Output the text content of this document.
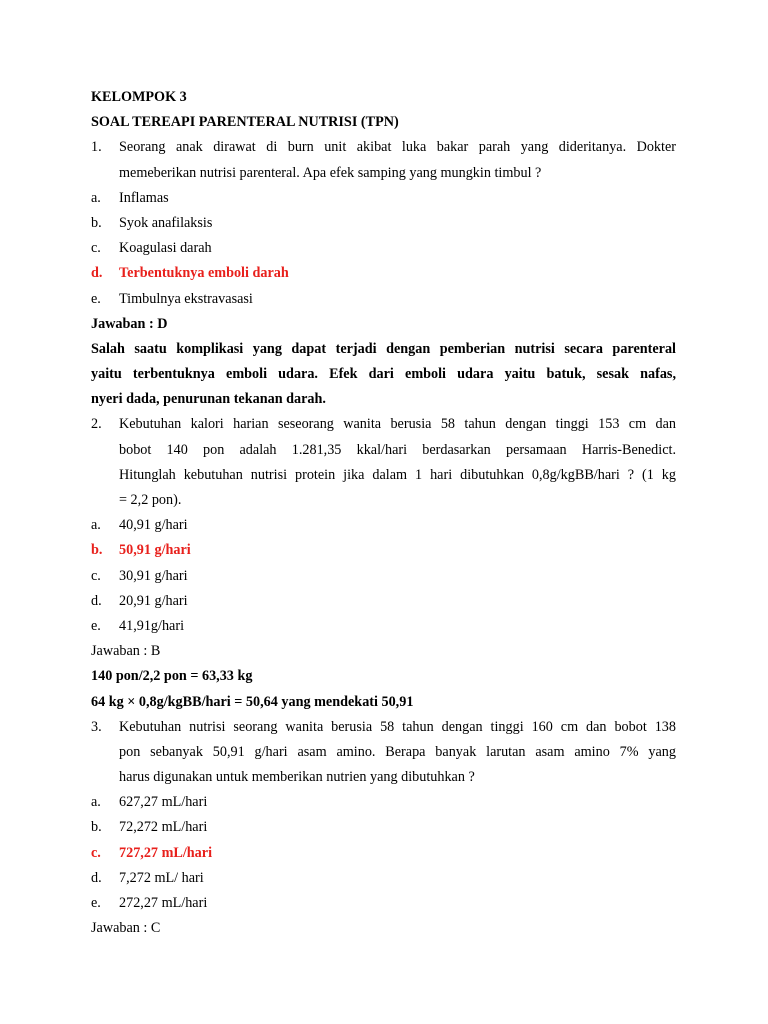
KELOMPOK 3
SOAL TEREAPI PARENTERAL NUTRISI (TPN)
1.	Seorang anak dirawat di burn unit akibat luka bakar parah yang dideritanya. Dokter
memeberikan nutrisi parenteral. Apa efek samping yang mungkin timbul ?
a.	Inflamas
b.	Syok anafilaksis
c.	Koagulasi darah
d.	Terbentuknya emboli darah
e.	Timbulnya ekstravasasi
Jawaban : D
Salah saatu komplikasi yang dapat terjadi dengan pemberian nutrisi secara parenteral
yaitu terbentuknya emboli udara. Efek dari emboli udara yaitu batuk, sesak nafas,
nyeri dada, penurunan tekanan darah.
2.	Kebutuhan kalori harian seseorang wanita berusia 58 tahun dengan tinggi 153 cm dan
bobot 140 pon adalah 1.281,35 kkal/hari berdasarkan persamaan Harris-Benedict.
Hitunglah kebutuhan nutrisi protein jika dalam 1 hari dibutuhkan 0,8g/kgBB/hari ? (1 kg
= 2,2 pon).
a.	40,91 g/hari
b.	50,91 g/hari
c.	30,91 g/hari
d.	20,91 g/hari
e.	41,91g/hari
Jawaban : B
140 pon/2,2 pon = 63,33 kg
64 kg × 0,8g/kgBB/hari = 50,64 yang mendekati 50,91
3.	Kebutuhan nutrisi seorang wanita berusia 58 tahun dengan tinggi 160 cm dan bobot 138
pon sebanyak 50,91 g/hari asam amino. Berapa banyak larutan asam amino 7% yang
harus digunakan untuk memberikan nutrien yang dibutuhkan ?
a.	627,27 mL/hari
b.	72,272 mL/hari
c.	727,27 mL/hari
d.	7,272 mL/ hari
e.	272,27 mL/hari
Jawaban : C
